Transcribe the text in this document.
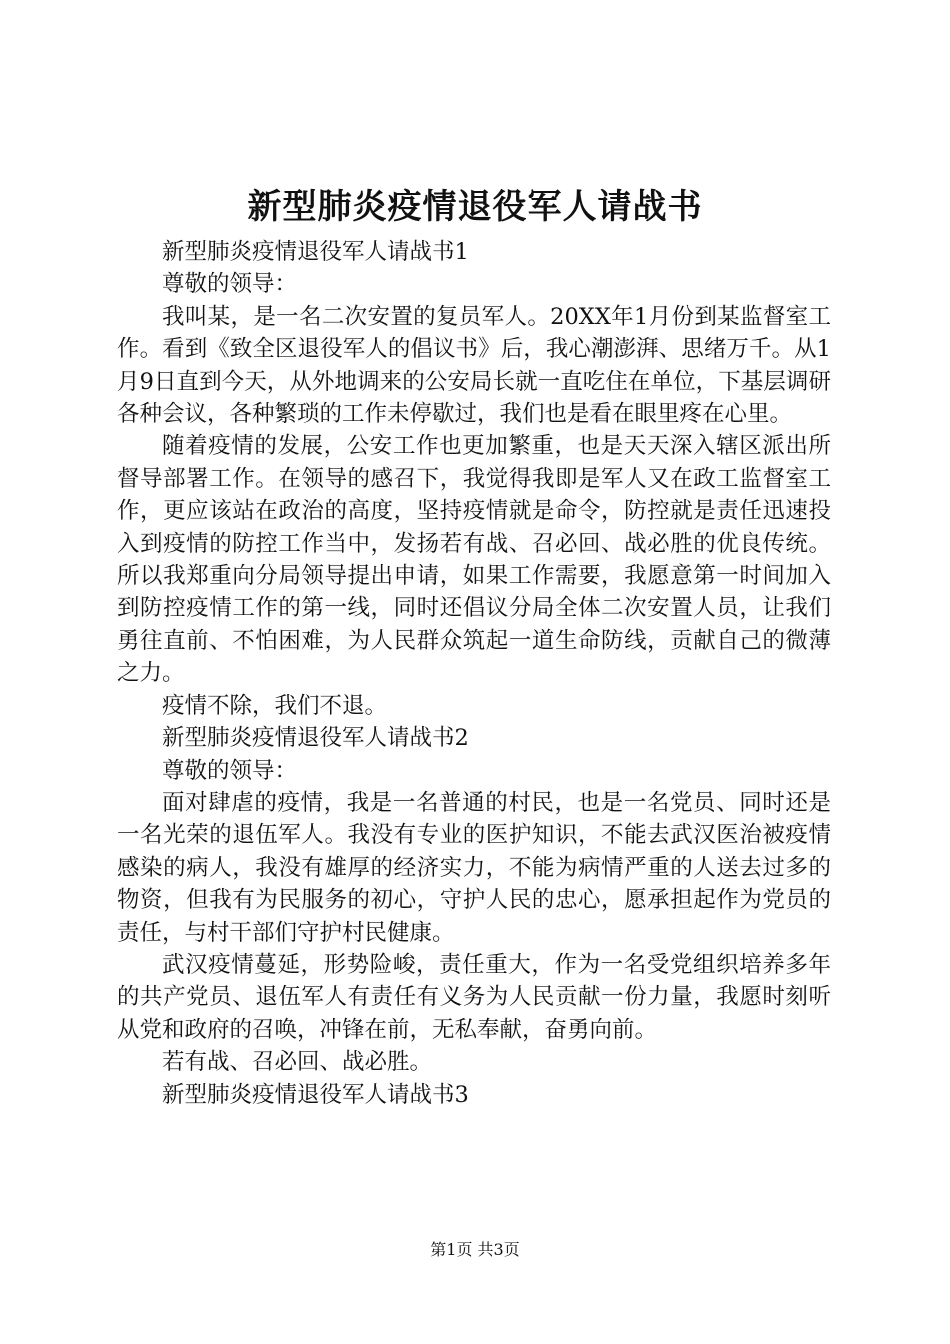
新型肺炎疫情退役军人请战书

新型肺炎疫情退役军人请战书1

尊敬的领导：

我叫某，是一名二次安置的复员军人。20XX年1月份到某监督室工作。看到《致全区退役军人的倡议书》后，我心潮澎湃、思绪万千。从1月9日直到今天，从外地调来的公安局长就一直吃住在单位，下基层调研各种会议，各种繁琐的工作未停歇过，我们也是看在眼里疼在心里。

随着疫情的发展，公安工作也更加繁重，也是天天深入辖区派出所督导部署工作。在领导的感召下，我觉得我即是军人又在政工监督室工作，更应该站在政治的高度，坚持疫情就是命令，防控就是责任迅速投入到疫情的防控工作当中，发扬若有战、召必回、战必胜的优良传统。所以我郑重向分局领导提出申请，如果工作需要，我愿意第一时间加入到防控疫情工作的第一线，同时还倡议分局全体二次安置人员，让我们勇往直前、不怕困难，为人民群众筑起一道生命防线，贡献自己的微薄之力。

疫情不除，我们不退。

新型肺炎疫情退役军人请战书2

尊敬的领导：

面对肆虐的疫情，我是一名普通的村民，也是一名党员、同时还是一名光荣的退伍军人。我没有专业的医护知识，不能去武汉医治被疫情感染的病人，我没有雄厚的经济实力，不能为病情严重的人送去过多的物资，但我有为民服务的初心，守护人民的忠心，愿承担起作为党员的责任，与村干部们守护村民健康。

武汉疫情蔓延，形势险峻，责任重大，作为一名受党组织培养多年的共产党员、退伍军人有责任有义务为人民贡献一份力量，我愿时刻听从党和政府的召唤，冲锋在前，无私奉献，奋勇向前。

若有战、召必回、战必胜。

新型肺炎疫情退役军人请战书3

第1页 共3页
